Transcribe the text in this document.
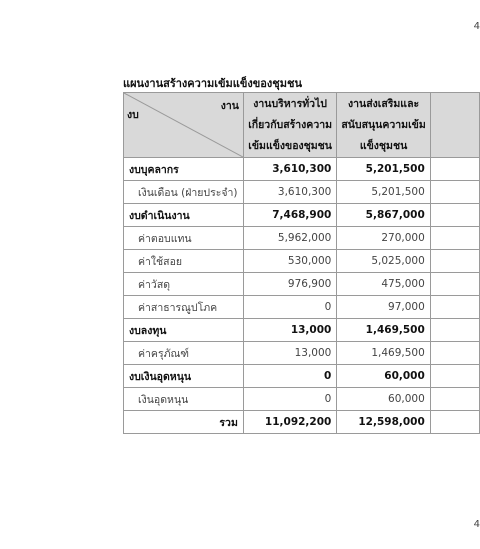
4
แผนงานสร้างความเข้มแข็งของชุมชน
งาน
งบ	งานบริหารทั่วไปเกี่ยวกับสร้างความเข้มแข็งของชุมชน	งานส่งเสริมและสนับสนุนความเข้มแข็งชุมชน	
งบบุคลากร	3,610,300	5,201,500	
เงินเดือน (ฝ่ายประจำ)	3,610,300	5,201,500	
งบดำเนินงาน	7,468,900	5,867,000	
ค่าตอบแทน	5,962,000	270,000	
ค่าใช้สอย	530,000	5,025,000	
ค่าวัสดุ	976,900	475,000	
ค่าสาธารณูปโภค	0	97,000	
งบลงทุน	13,000	1,469,500	
ค่าครุภัณฑ์	13,000	1,469,500	
งบเงินอุดหนุน	0	60,000	
เงินอุดหนุน	0	60,000	
รวม	11,092,200	12,598,000	
4
